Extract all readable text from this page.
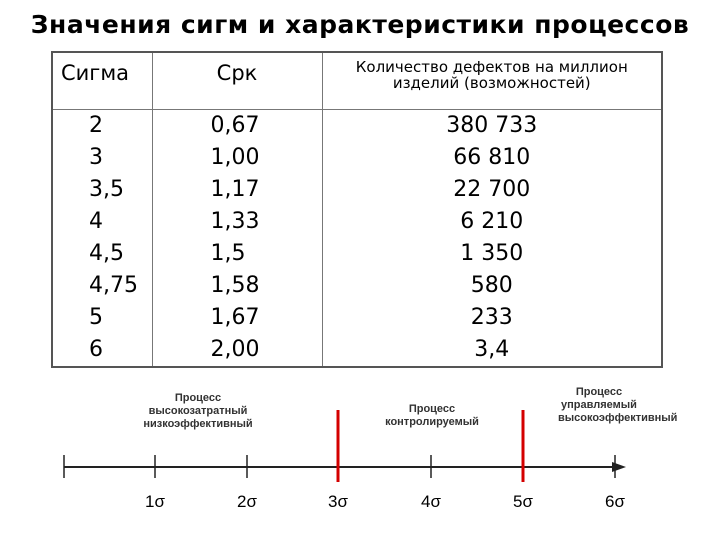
Значения сигм и характеристики процессов
Сигма	Срк	Количество дефектов на миллион изделий (возможностей)
2	0,67	380 733
3	1,00	66 810
3,5	1,17	22 700
4	1,33	6 210
4,5	1,5	1 350
4,75	1,58	580
5	1,67	233
6	2,00	3,4
Процесс высокозатратный низкоэффективный
Процесс контролируемый
Процесс управляемый высокоэффективный
1σ	2σ	3σ	4σ	5σ	6σ
